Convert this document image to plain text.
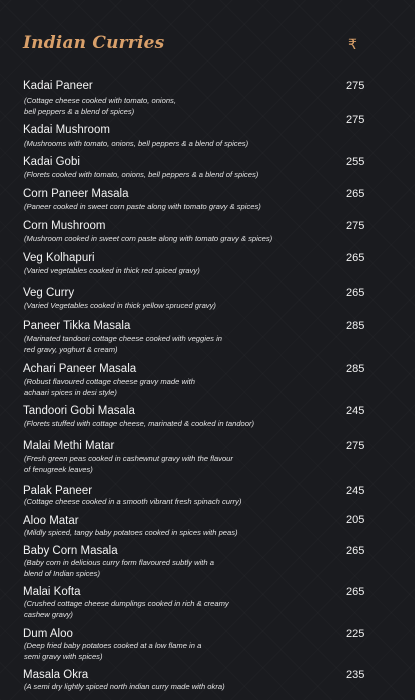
Indian Curries	₹
Kadai Paneer
(Cottage cheese cooked with tomato, onions,
bell peppers & a blend of spices)
275
Kadai Mushroom
(Mushrooms with tomato, onions, bell peppers & a blend of spices)
275
Kadai Gobi
(Florets cooked with tomato, onions, bell peppers & a blend of spices)
255
Corn Paneer Masala
(Paneer cooked in sweet corn paste along with tomato gravy & spices)
265
Corn Mushroom
(Mushroom cooked in sweet corn paste along with tomato gravy & spices)
275
Veg Kolhapuri
(Varied vegetables cooked in thick red spiced gravy)
265
Veg Curry
(Varied Vegetables cooked in thick yellow spruced gravy)
265
Paneer Tikka Masala
(Marinated tandoori cottage cheese cooked with veggies in
red gravy, yoghurt & cream)
285
Achari Paneer Masala
(Robust flavoured cottage cheese gravy made with
achaari spices in desi style)
285
Tandoori Gobi Masala
(Florets stuffed with cottage cheese, marinated & cooked in tandoor)
245
Malai Methi Matar
(Fresh green peas cooked in cashewnut gravy with the flavour
of fenugreek leaves)
275
Palak Paneer
(Cottage cheese cooked in a smooth vibrant fresh spinach curry)
245
Aloo Matar
(Mildly spiced, tangy baby potatoes cooked in spices with peas)
205
Baby Corn Masala
(Baby corn in delicious curry form flavoured subtly with a
blend of Indian spices)
265
Malai Kofta
(Crushed cottage cheese dumplings cooked in rich & creamy
cashew gravy)
265
Dum Aloo
(Deep fried baby potatoes cooked at a low flame in a
semi gravy with spices)
225
Masala Okra
(A semi dry lightly spiced north indian curry made with okra)
235
